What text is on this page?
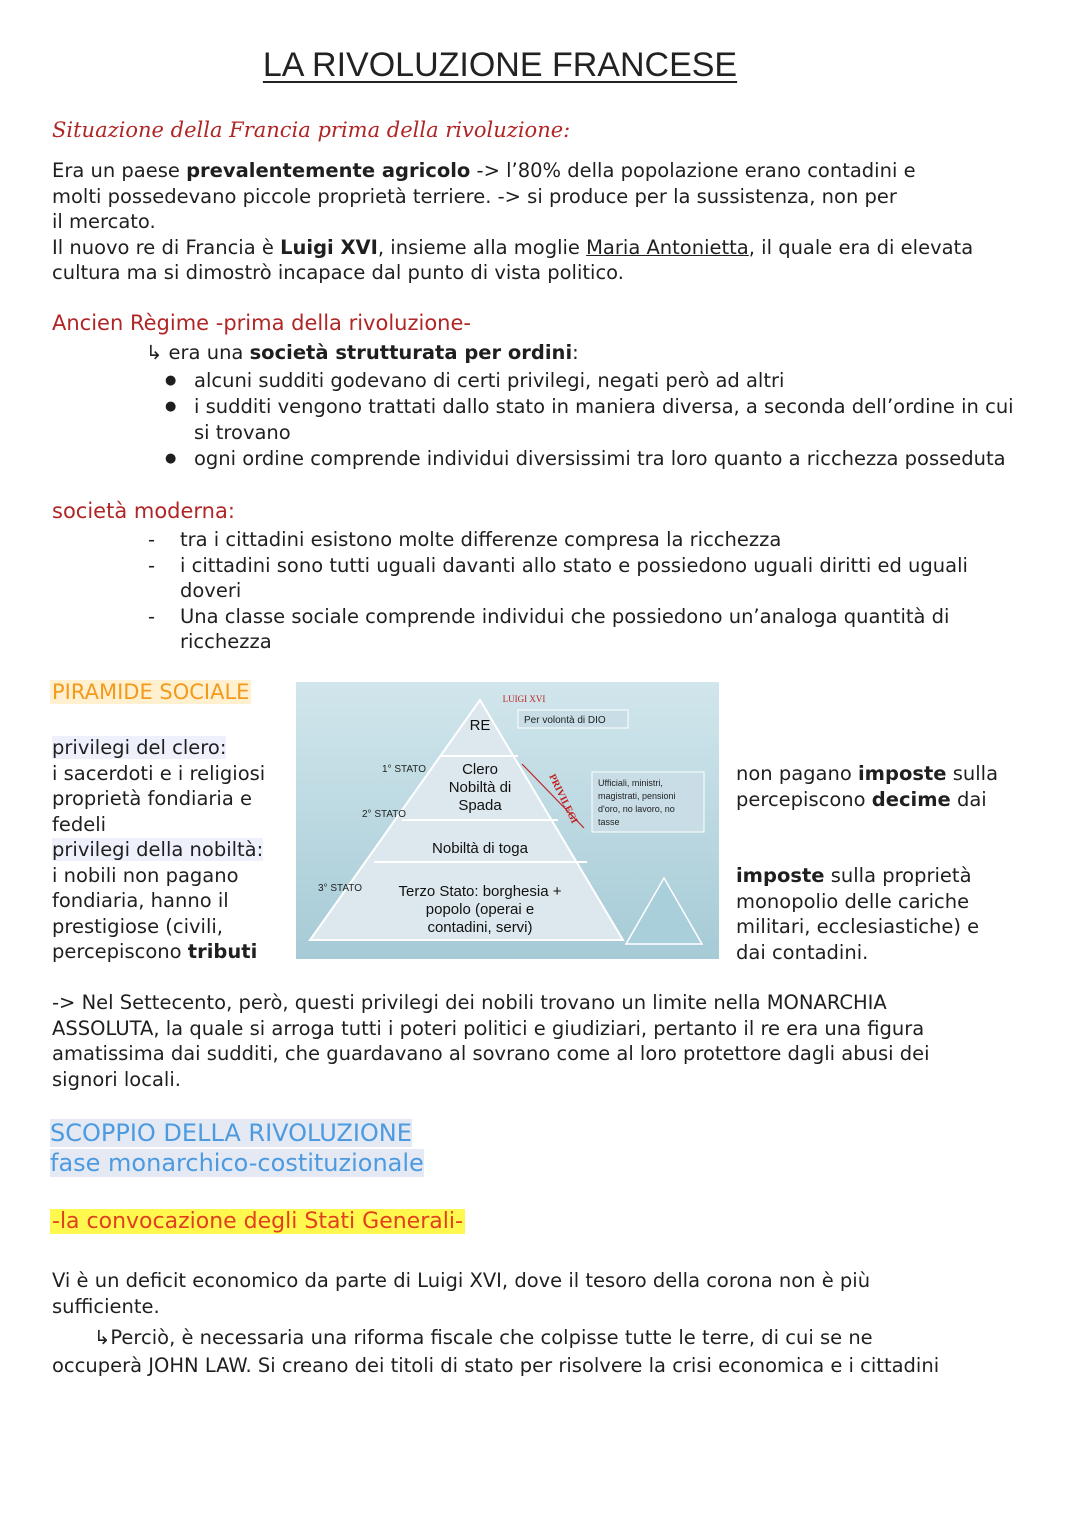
LA RIVOLUZIONE FRANCESE
Situazione della Francia prima della rivoluzione:
Era un paese prevalentemente agricolo -> l’80% della popolazione erano contadini e
molti possedevano piccole proprietà terriere. -> si produce per la sussistenza, non per
il mercato.
Il nuovo re di Francia è Luigi XVI, insieme alla moglie Maria Antonietta, il quale era di elevata
cultura ma si dimostrò incapace dal punto di vista politico.
Ancien Règime -prima della rivoluzione-
↳ era una società strutturata per ordini:
● alcuni sudditi godevano di certi privilegi, negati però ad altri
● i sudditi vengono trattati dallo stato in maniera diversa, a seconda dell’ordine in cui si trovano
● ogni ordine comprende individui diversissimi tra loro quanto a ricchezza posseduta
società moderna:
- tra i cittadini esistono molte differenze compresa la ricchezza
- i cittadini sono tutti uguali davanti allo stato e possiedono uguali diritti ed uguali doveri
- Una classe sociale comprende individui che possiedono un’analoga quantità di ricchezza
PIRAMIDE SOCIALE
privilegi del clero:
i sacerdoti e i religiosi
proprietà fondiaria e
fedeli
privilegi della nobiltà:
i nobili non pagano
fondiaria, hanno il
prestigiose (civili,
percepiscono tributi
LUIGI XVI
RE	Per volontà di DIO
1° STATO
2° STATO
3° STATO
Clero
Nobiltà di
Spada	PRIVILEGI Ufficiali, ministri,
magistrati, pensioni
d'oro, no lavoro, no
tasse
Nobiltà di toga
Terzo Stato: borghesia +
popolo (operai e
contadini, servi)
non pagano imposte sulla
percepiscono decime dai
imposte sulla proprietà
monopolio delle cariche
militari, ecclesiastiche) e
dai contadini.
-> Nel Settecento, però, questi privilegi dei nobili trovano un limite nella MONARCHIA
ASSOLUTA, la quale si arroga tutti i poteri politici e giudiziari, pertanto il re era una figura
amatissima dai sudditi, che guardavano al sovrano come al loro protettore dagli abusi dei
signori locali.
SCOPPIO DELLA RIVOLUZIONE
fase monarchico-costituzionale
-la convocazione degli Stati Generali-
Vi è un deficit economico da parte di Luigi XVI, dove il tesoro della corona non è più
sufficiente.
↳Perciò, è necessaria una riforma fiscale che colpisse tutte le terre, di cui se ne
occuperà JOHN LAW. Si creano dei titoli di stato per risolvere la crisi economica e i cittadini
